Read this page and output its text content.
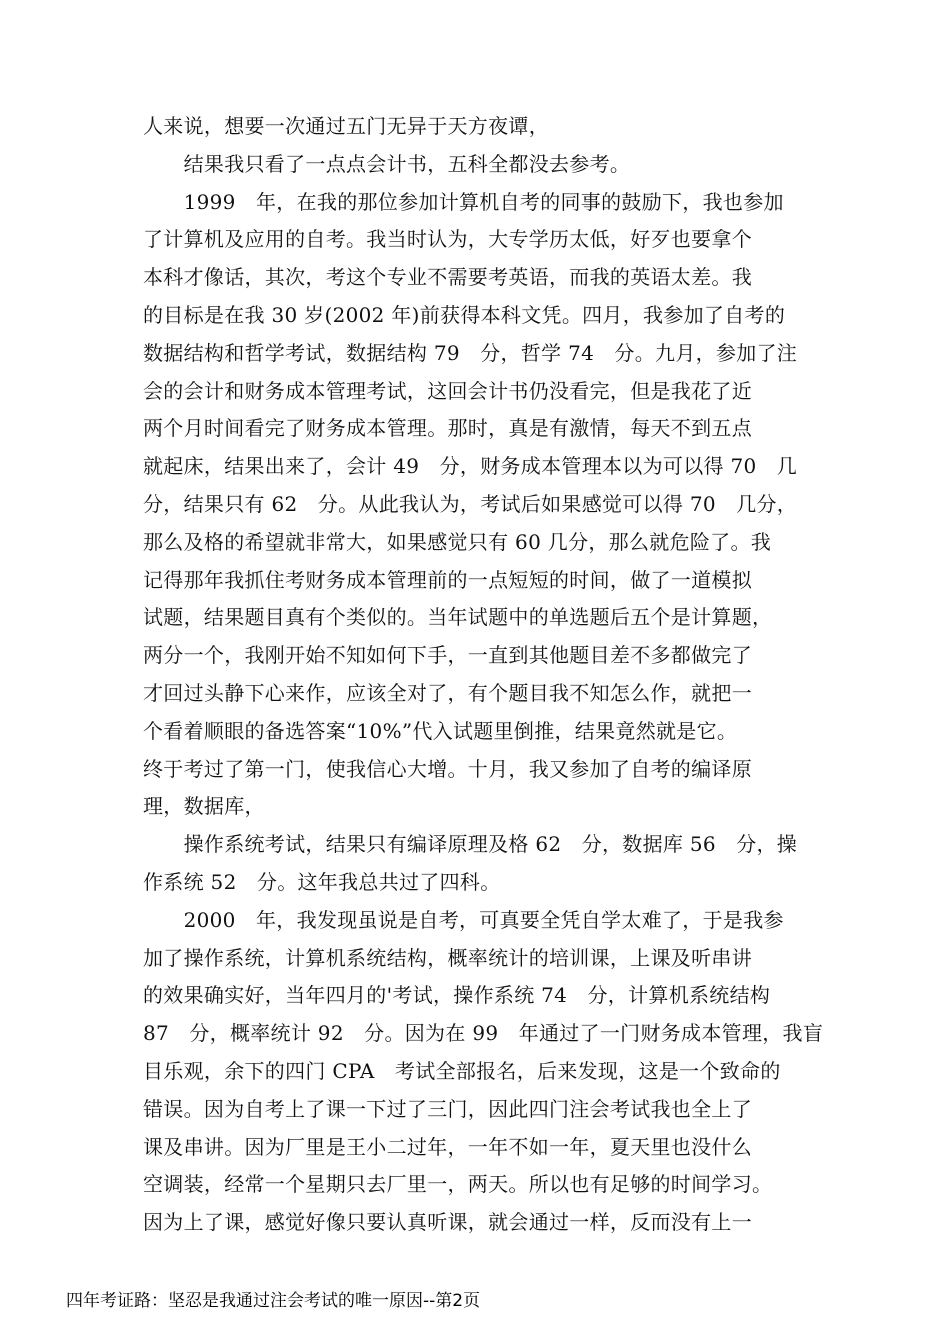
人来说，想要一次通过五门无异于天方夜谭，
　　结果我只看了一点点会计书，五科全都没去参考。
　　1999　年，在我的那位参加计算机自考的同事的鼓励下，我也参加
了计算机及应用的自考。我当时认为，大专学历太低，好歹也要拿个
本科才像话，其次，考这个专业不需要考英语，而我的英语太差。我
的目标是在我 30 岁(2002 年)前获得本科文凭。四月，我参加了自考的
数据结构和哲学考试，数据结构 79　分，哲学 74　分。九月，参加了注
会的会计和财务成本管理考试，这回会计书仍没看完，但是我花了近
两个月时间看完了财务成本管理。那时，真是有激情，每天不到五点
就起床，结果出来了，会计 49　分，财务成本管理本以为可以得 70　几
分，结果只有 62　分。从此我认为，考试后如果感觉可以得 70　几分，
那么及格的希望就非常大，如果感觉只有 60 几分，那么就危险了。我
记得那年我抓住考财务成本管理前的一点短短的时间，做了一道模拟
试题，结果题目真有个类似的。当年试题中的单选题后五个是计算题，
两分一个，我刚开始不知如何下手，一直到其他题目差不多都做完了
才回过头静下心来作，应该全对了，有个题目我不知怎么作，就把一
个看着顺眼的备选答案“10%”代入试题里倒推，结果竟然就是它。
终于考过了第一门，使我信心大增。十月，我又参加了自考的编译原
理，数据库，
　　操作系统考试，结果只有编译原理及格 62　分，数据库 56　分，操
作系统 52　分。这年我总共过了四科。
　　2000　年，我发现虽说是自考，可真要全凭自学太难了，于是我参
加了操作系统，计算机系统结构，概率统计的培训课，上课及听串讲
的效果确实好，当年四月的'考试，操作系统 74　分，计算机系统结构
87　分，概率统计 92　分。因为在 99　年通过了一门财务成本管理，我盲
目乐观，余下的四门 CPA　考试全部报名，后来发现，这是一个致命的
错误。因为自考上了课一下过了三门，因此四门注会考试我也全上了
课及串讲。因为厂里是王小二过年，一年不如一年，夏天里也没什么
空调装，经常一个星期只去厂里一，两天。所以也有足够的时间学习。
因为上了课，感觉好像只要认真听课，就会通过一样，反而没有上一
四年考证路：坚忍是我通过注会考试的唯一原因--第2页
